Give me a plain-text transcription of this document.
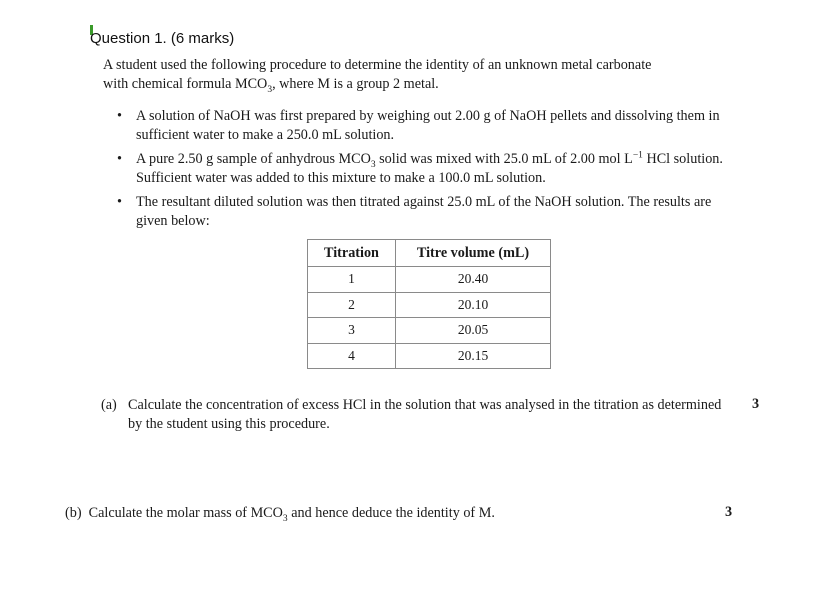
Question 1. (6 marks)

A student used the following procedure to determine the identity of an unknown metal carbonate

with chemical formula $MCO_3$, where M is a group 2 metal.

• A solution of NaOH was first prepared by weighing out 2.00 g of NaOH pellets and dissolving them in sufficient water to make a 250.0 mL solution.
• A pure 2.50 g sample of anhydrous $MCO_3$ solid was mixed with 25.0 mL of 2.00 mol $L^{-1}$ HCl solution. Sufficient water was added to this mixture to make a 100.0 mL solution.
• The resultant diluted solution was then titrated against 25.0 mL of the NaOH solution. The results are given below:
Titration	Titre volume (mL)
1	20.40
2	20.10
3	20.05
4	20.15
(a) Calculate the concentration of excess HCl in the solution that was analysed in the titration as determined by the student using this procedure.
3
(b) Calculate the molar mass of $MCO_3$ and hence deduce the identity of M.	3
